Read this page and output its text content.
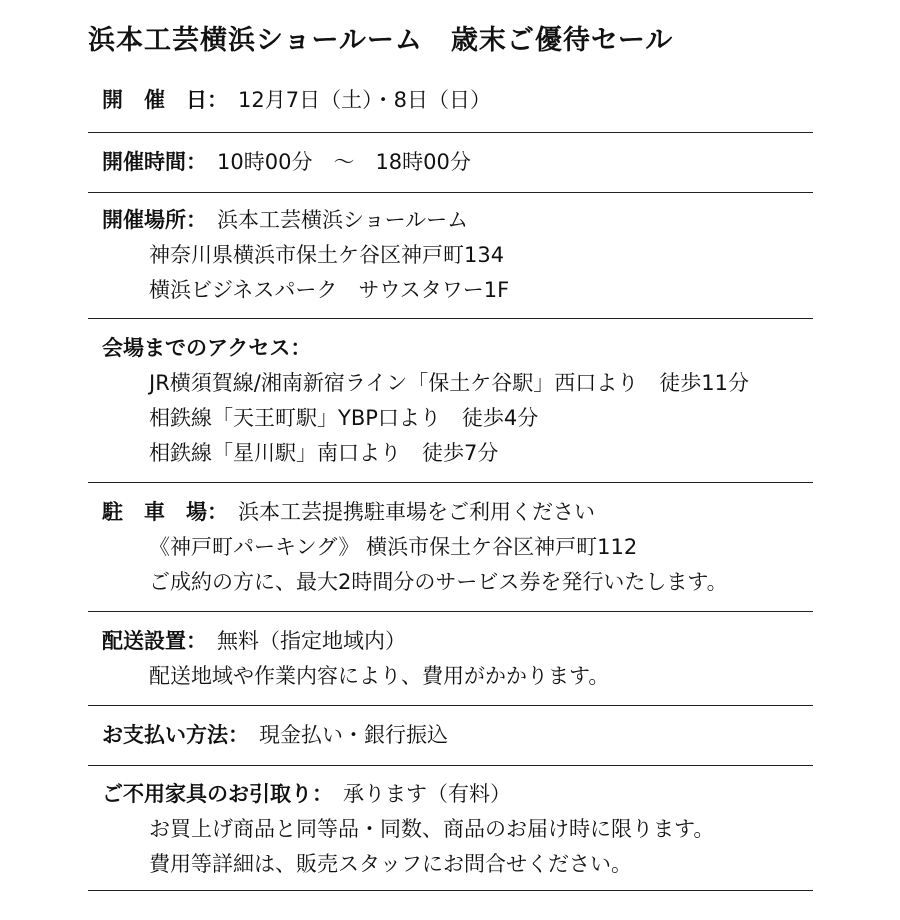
浜本工芸横浜ショールーム　歳末ご優待セール
開　催　日： 12月7日（土）・8日（日）
開催時間： 10時00分　～　18時00分
開催場所： 浜本工芸横浜ショールーム
神奈川県横浜市保土ケ谷区神戸町134
横浜ビジネスパーク　サウスタワー1F
会場までのアクセス：
JR横須賀線/湘南新宿ライン「保土ケ谷駅」西口より　徒歩11分
相鉄線「天王町駅」YBP口より　徒歩4分
相鉄線「星川駅」南口より　徒歩7分
駐　車　場： 浜本工芸提携駐車場をご利用ください
《神戸町パーキング》 横浜市保土ケ谷区神戸町112
ご成約の方に、最大2時間分のサービス券を発行いたします。
配送設置： 無料（指定地域内）
配送地域や作業内容により、費用がかかります。
お支払い方法： 現金払い・銀行振込
ご不用家具のお引取り： 承ります（有料）
お買上げ商品と同等品・同数、商品のお届け時に限ります。
費用等詳細は、販売スタッフにお問合せください。
